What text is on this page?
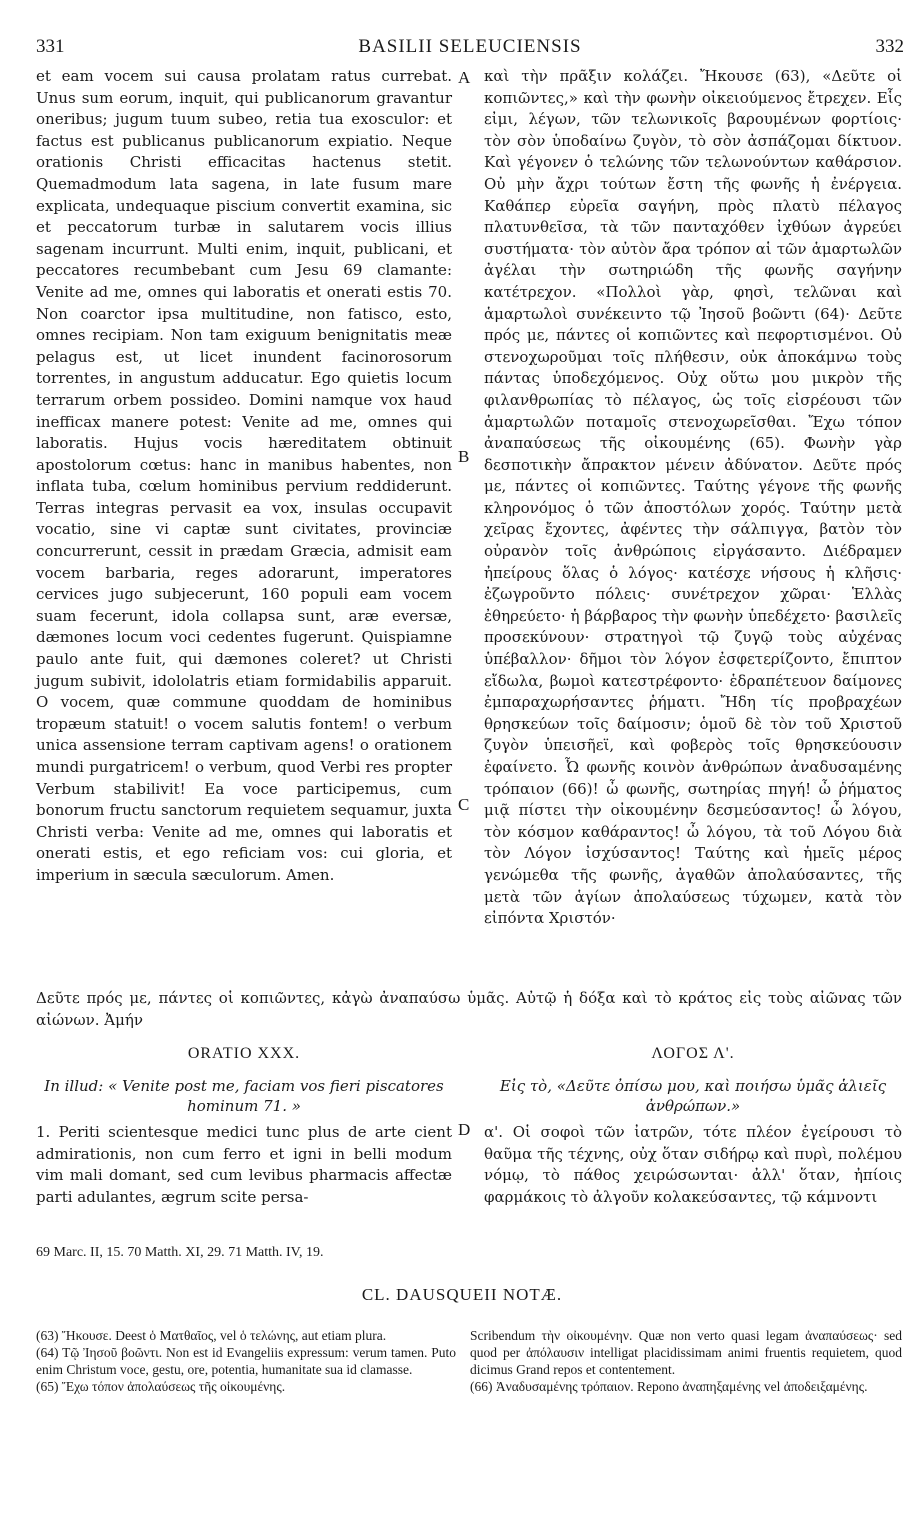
331	BASILII SELEUCIENSIS	332

et eam vocem sui causa prolatam ratus currebat. Unus sum eorum, inquit, qui publicanorum gravantur oneribus; jugum tuum subeo, retia tua exosculor: et factus est publicanus publicanorum expiatio. Neque orationis Christi efficacitas hactenus stetit. Quemadmodum lata sagena, in late fusum mare explicata, undequaque piscium convertit examina, sic et peccatorum turbæ in salutarem vocis illius sagenam incurrunt. Multi enim, inquit, publicani, et peccatores recumbebant cum Jesu 69 clamante: Venite ad me, omnes qui laboratis et onerati estis 70. Non coarctor ipsa multitudine, non fatisco, esto, omnes recipiam. Non tam exiguum benignitatis meæ pelagus est, ut licet inundent facinorosorum torrentes, in angustum adducatur. Ego quietis locum terrarum orbem possideo. Domini namque vox haud inefficax manere potest: Venite ad me, omnes qui laboratis. Hujus vocis hæreditatem obtinuit apostolorum cœtus: hanc in manibus habentes, non inflata tuba, cœlum hominibus pervium reddiderunt. Terras integras pervasit ea vox, insulas occupavit vocatio, sine vi captæ sunt civitates, provinciæ concurrerunt, cessit in prædam Græcia, admisit eam vocem barbaria, reges adorarunt, imperatores cervices jugo subjecerunt, 160 populi eam vocem suam fecerunt, idola collapsa sunt, aræ eversæ, dæmones locum voci cedentes fugerunt. Quispiamne paulo ante fuit, qui dæmones coleret? ut Christi jugum subivit, idololatris etiam formidabilis apparuit. O vocem, quæ commune quoddam de hominibus tropæum statuit! o vocem salutis fontem! o verbum unica assensione terram captivam agens! o orationem mundi purgatricem! o verbum, quod Verbi res propter Verbum stabilivit! Ea voce participemus, cum bonorum fructu sanctorum requietem sequamur, juxta Christi verba: Venite ad me, omnes qui laboratis et onerati estis, et ego reficiam vos: cui gloria, et imperium in sæcula sæculorum. Amen.

A
B
C
D

καὶ τὴν πρᾶξιν κολάζει. Ἤκουσε (63), «Δεῦτε οἱ κοπιῶντες,» καὶ τὴν φωνὴν οἰκειούμενος ἔτρεχεν. Εἷς εἰμι, λέγων, τῶν τελωνικοῖς βαρουμένων φορτίοις· τὸν σὸν ὑποδαίνω ζυγὸν, τὸ σὸν ἀσπάζομαι δίκτυον. Καὶ γέγονεν ὁ τελώνης τῶν τελωνούντων καθάρσιον. Οὐ μὴν ἄχρι τούτων ἔστη τῆς φωνῆς ἡ ἐνέργεια. Καθάπερ εὐρεῖα σαγήνη, πρὸς πλατὺ πέλαγος πλατυνθεῖσα, τὰ τῶν πανταχόθεν ἰχθύων ἀγρεύει συστήματα· τὸν αὐτὸν ἄρα τρόπον αἱ τῶν ἁμαρτωλῶν ἀγέλαι τὴν σωτηριώδη τῆς φωνῆς σαγήνην κατέτρεχον. «Πολλοὶ γὰρ, φησὶ, τελῶναι καὶ ἁμαρτωλοὶ συνέκειντο τῷ Ἰησοῦ βοῶντι (64)· Δεῦτε πρός με, πάντες οἱ κοπιῶντες καὶ πεφορτισμένοι. Οὐ στενοχωροῦμαι τοῖς πλήθεσιν, οὐκ ἀποκάμνω τοὺς πάντας ὑποδεχόμενος. Οὐχ οὕτω μου μικρὸν τῆς φιλανθρωπίας τὸ πέλαγος, ὡς τοῖς εἰσρέουσι τῶν ἁμαρτωλῶν ποταμοῖς στενοχωρεῖσθαι. Ἔχω τόπον ἀναπαύσεως τῆς οἰκουμένης (65). Φωνὴν γὰρ δεσποτικὴν ἄπρακτον μένειν ἀδύνατον. Δεῦτε πρός με, πάντες οἱ κοπιῶντες. Ταύτης γέγονε τῆς φωνῆς κληρονόμος ὁ τῶν ἀποστόλων χορός. Ταύτην μετὰ χεῖρας ἔχοντες, ἀφέντες τὴν σάλπιγγα, βατὸν τὸν οὐρανὸν τοῖς ἀνθρώποις εἰργάσαντο. Διέδραμεν ἠπείρους ὅλας ὁ λόγος· κατέσχε νήσους ἡ κλῆσις· ἐζωγροῦντο πόλεις· συνέτρεχον χῶραι· Ἑλλὰς ἐθηρεύετο· ἡ βάρβαρος τὴν φωνὴν ὑπεδέχετο· βασιλεῖς προσεκύνουν· στρατηγοὶ τῷ ζυγῷ τοὺς αὐχένας ὑπέβαλλον· δῆμοι τὸν λόγον ἐσφετερίζοντο, ἔπιπτον εἴδωλα, βωμοὶ κατεστρέφοντο· ἑδραπέτευον δαίμονες ἐμπαραχωρήσαντες ῥήματι. Ἤδη τίς προβραχέων θρησκεύων τοῖς δαίμοσιν; ὁμοῦ δὲ τὸν τοῦ Χριστοῦ ζυγὸν ὑπεισῆεϊ, καὶ φοβερὸς τοῖς θρησκεύουσιν ἐφαίνετο. Ὦ φωνῆς κοινὸν ἀνθρώπων ἀναδυσαμένης τρόπαιον (66)! ὦ φωνῆς, σωτηρίας πηγή! ὦ ῥήματος μιᾷ πίστει τὴν οἰκουμένην δεσμεύσαντος! ὦ λόγου, τὸν κόσμον καθάραντος! ὦ λόγου, τὰ τοῦ Λόγου διὰ τὸν Λόγον ἰσχύσαντος! Ταύτης καὶ ἡμεῖς μέρος γενώμεθα τῆς φωνῆς, ἀγαθῶν ἀπολαύσαντες, τῆς μετὰ τῶν ἁγίων ἀπολαύσεως τύχωμεν, κατὰ τὸν εἰπόντα Χριστόν·

Δεῦτε πρός με, πάντες οἱ κοπιῶντες, κἀγὼ ἀναπαύσω ὑμᾶς. Αὐτῷ ἡ δόξα καὶ τὸ κράτος εἰς τοὺς αἰῶνας τῶν αἰώνων. Ἀμήν
ORATIO XXX.	ΛΟΓΟΣ Λ'.
In illud: « Venite post me, faciam vos fieri piscatores hominum 71. »
Εἰς τὸ, «Δεῦτε ὀπίσω μου, καὶ ποιήσω ὑμᾶς ἁλιεῖς ἀνθρώπων.»
1. Periti scientesque medici tunc plus de arte cient admirationis, non cum ferro et igni in belli modum vim mali domant, sed cum levibus pharmacis affectæ parti adulantes, ægrum scite persa-
α'. Οἱ σοφοὶ τῶν ἰατρῶν, τότε πλέον ἐγείρουσι τὸ θαῦμα τῆς τέχνης, οὐχ ὅταν σιδήρῳ καὶ πυρὶ, πολέμου νόμῳ, τὸ πάθος χειρώσωνται· ἀλλ' ὅταν, ἠπίοις φαρμάκοις τὸ ἀλγοῦν κολακεύσαντες, τῷ κάμνοντι
69 Marc. II, 15. 70 Matth. XI, 29. 71 Matth. IV, 19.
CL. DAUSQUEII NOTÆ.

(63) Ἤκουσε. Deest ὁ Ματθαῖος, vel ὁ τελώνης, aut etiam plura.

(64) Τῷ Ἰησοῦ βοῶντι. Non est id Evangeliis expressum: verum tamen. Puto enim Christum voce, gestu, ore, potentia, humanitate sua id clamasse.

(65) Ἔχω τόπον ἀπολαύσεως τῆς οἰκουμένης.

Scribendum τὴν οἰκουμένην. Quæ non verto quasi legam ἀναπαύσεως· sed quod per ἀπόλαυσιν intelligat placidissimam animi fruentis requietem, quod dicimus Grand repos et contentement.

(66) Ἀναδυσαμένης τρόπαιον. Repono ἀναπηξαμένης vel ἀποδειξαμένης.
